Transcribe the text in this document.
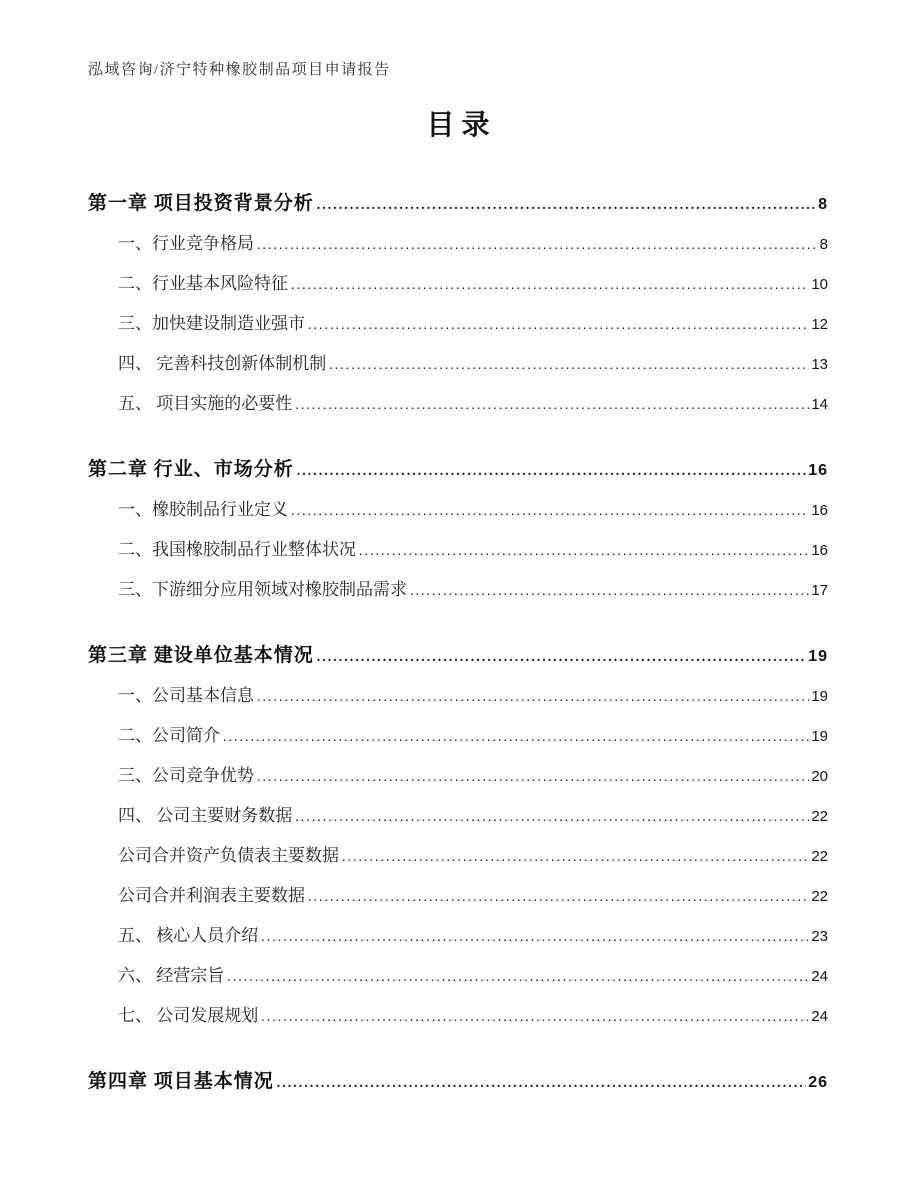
泓域咨询/济宁特种橡胶制品项目申请报告
目录
第一章 项目投资背景分析 .....	8
一、行业竞争格局 .....	8
二、行业基本风险特征 .....	10
三、加快建设制造业强市 .....	12
四、 完善科技创新体制机制 .....	13
五、 项目实施的必要性 .....	14
第二章 行业、市场分析 .....	16
一、橡胶制品行业定义 .....	16
二、我国橡胶制品行业整体状况 .....	16
三、下游细分应用领域对橡胶制品需求 .....	17
第三章 建设单位基本情况 .....	19
一、公司基本信息 .....	19
二、公司简介 .....	19
三、公司竞争优势 .....	20
四、 公司主要财务数据 .....	22
公司合并资产负债表主要数据 .....	22
公司合并利润表主要数据 .....	22
五、 核心人员介绍 .....	23
六、 经营宗旨 .....	24
七、 公司发展规划 .....	24
第四章 项目基本情况 .....	26
